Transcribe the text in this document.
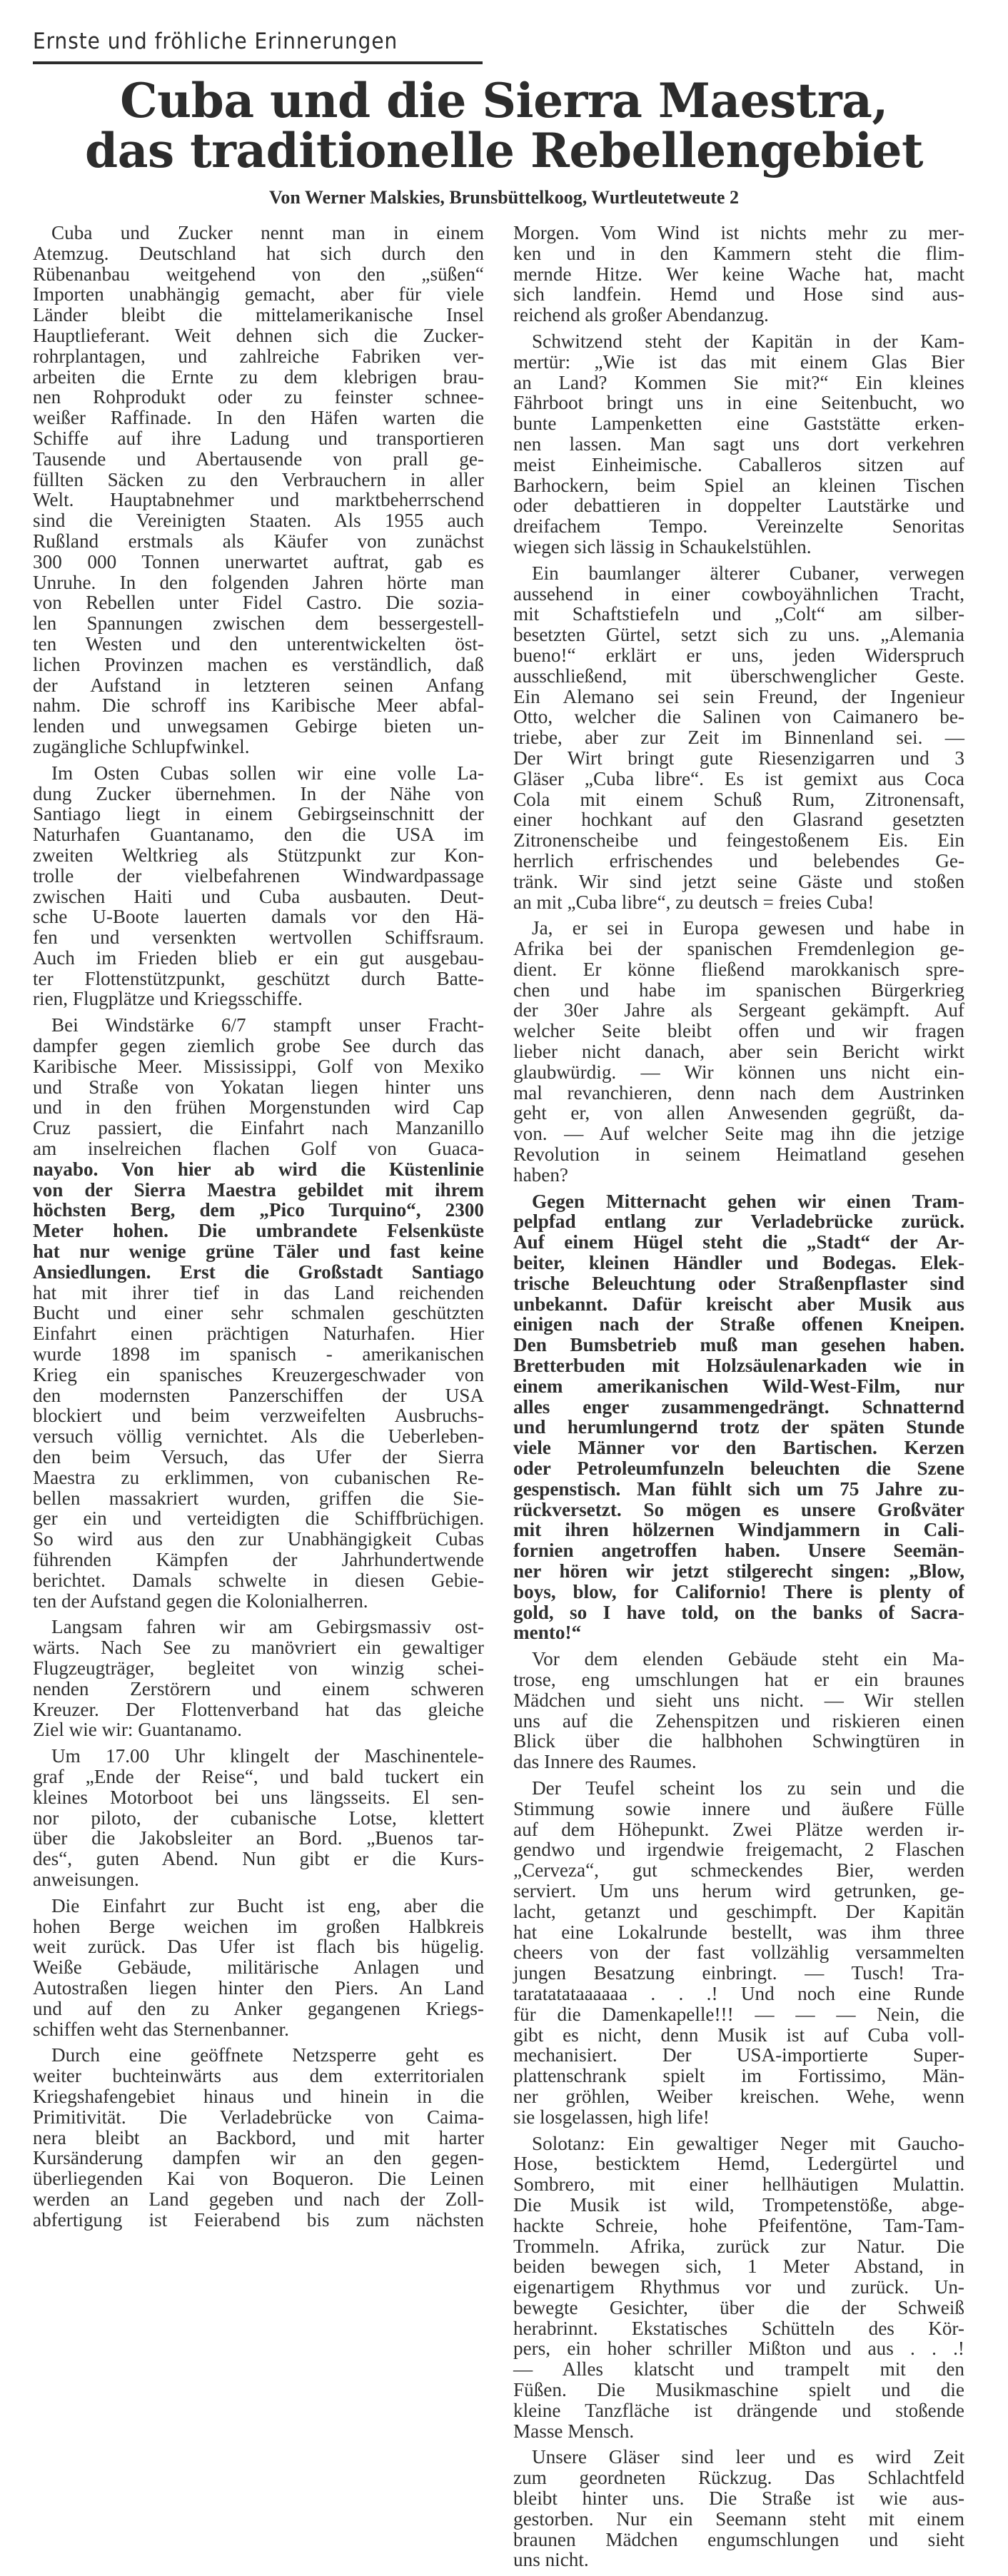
Ernste und fröhliche Erinnerungen
Cuba und die Sierra Maestra,
das traditionelle Rebellengebiet
Von Werner Malskies, Brunsbüttelkoog, Wurtleutetweute 2
Cuba und Zucker nennt man in einem
Atemzug. Deutschland hat sich durch den
Rübenanbau weitgehend von den „süßen“
Importen unabhängig gemacht, aber für viele
Länder bleibt die mittelamerikanische Insel
Hauptlieferant. Weit dehnen sich die Zucker-
rohrplantagen, und zahlreiche Fabriken ver-
arbeiten die Ernte zu dem klebrigen brau-
nen Rohprodukt oder zu feinster schnee-
weißer Raffinade. In den Häfen warten die
Schiffe auf ihre Ladung und transportieren
Tausende und Abertausende von prall ge-
füllten Säcken zu den Verbrauchern in aller
Welt. Hauptabnehmer und marktbeherrschend
sind die Vereinigten Staaten. Als 1955 auch
Rußland erstmals als Käufer von zunächst
300 000 Tonnen unerwartet auftrat, gab es
Unruhe. In den folgenden Jahren hörte man
von Rebellen unter Fidel Castro. Die sozia-
len Spannungen zwischen dem bessergestell-
ten Westen und den unterentwickelten öst-
lichen Provinzen machen es verständlich, daß
der Aufstand in letzteren seinen Anfang
nahm. Die schroff ins Karibische Meer abfal-
lenden und unwegsamen Gebirge bieten un-
zugängliche Schlupfwinkel.
Im Osten Cubas sollen wir eine volle La-
dung Zucker übernehmen. In der Nähe von
Santiago liegt in einem Gebirgseinschnitt der
Naturhafen Guantanamo, den die USA im
zweiten Weltkrieg als Stützpunkt zur Kon-
trolle der vielbefahrenen Windwardpassage
zwischen Haiti und Cuba ausbauten. Deut-
sche U-Boote lauerten damals vor den Hä-
fen und versenkten wertvollen Schiffsraum.
Auch im Frieden blieb er ein gut ausgebau-
ter Flottenstützpunkt, geschützt durch Batte-
rien, Flugplätze und Kriegsschiffe.
Bei Windstärke 6/7 stampft unser Fracht-
dampfer gegen ziemlich grobe See durch das
Karibische Meer. Mississippi, Golf von Mexiko
und Straße von Yokatan liegen hinter uns
und in den frühen Morgenstunden wird Cap
Cruz passiert, die Einfahrt nach Manzanillo
am inselreichen flachen Golf von Guaca-
nayabo. Von hier ab wird die Küstenlinie
von der Sierra Maestra gebildet mit ihrem
höchsten Berg, dem „Pico Turquino“, 2300
Meter hohen. Die umbrandete Felsenküste
hat nur wenige grüne Täler und fast keine
Ansiedlungen. Erst die Großstadt Santiago
hat mit ihrer tief in das Land reichenden
Bucht und einer sehr schmalen geschützten
Einfahrt einen prächtigen Naturhafen. Hier
wurde 1898 im spanisch - amerikanischen
Krieg ein spanisches Kreuzergeschwader von
den modernsten Panzerschiffen der USA
blockiert und beim verzweifelten Ausbruchs-
versuch völlig vernichtet. Als die Ueberleben-
den beim Versuch, das Ufer der Sierra
Maestra zu erklimmen, von cubanischen Re-
bellen massakriert wurden, griffen die Sie-
ger ein und verteidigten die Schiffbrüchigen.
So wird aus den zur Unabhängigkeit Cubas
führenden Kämpfen der Jahrhundertwende
berichtet. Damals schwelte in diesen Gebie-
ten der Aufstand gegen die Kolonialherren.
Langsam fahren wir am Gebirgsmassiv ost-
wärts. Nach See zu manövriert ein gewaltiger
Flugzeugträger, begleitet von winzig schei-
nenden Zerstörern und einem schweren
Kreuzer. Der Flottenverband hat das gleiche
Ziel wie wir: Guantanamo.
Um 17.00 Uhr klingelt der Maschinentele-
graf „Ende der Reise“, und bald tuckert ein
kleines Motorboot bei uns längsseits. El sen-
nor piloto, der cubanische Lotse, klettert
über die Jakobsleiter an Bord. „Buenos tar-
des“, guten Abend. Nun gibt er die Kurs-
anweisungen.
Die Einfahrt zur Bucht ist eng, aber die
hohen Berge weichen im großen Halbkreis
weit zurück. Das Ufer ist flach bis hügelig.
Weiße Gebäude, militärische Anlagen und
Autostraßen liegen hinter den Piers. An Land
und auf den zu Anker gegangenen Kriegs-
schiffen weht das Sternenbanner.
Durch eine geöffnete Netzsperre geht es
weiter buchteinwärts aus dem exterritorialen
Kriegshafengebiet hinaus und hinein in die
Primitivität. Die Verladebrücke von Caima-
nera bleibt an Backbord, und mit harter
Kursänderung dampfen wir an den gegen-
überliegenden Kai von Boqueron. Die Leinen
werden an Land gegeben und nach der Zoll-
abfertigung ist Feierabend bis zum nächsten
Morgen. Vom Wind ist nichts mehr zu mer-
ken und in den Kammern steht die flim-
mernde Hitze. Wer keine Wache hat, macht
sich landfein. Hemd und Hose sind aus-
reichend als großer Abendanzug.
Schwitzend steht der Kapitän in der Kam-
mertür: „Wie ist das mit einem Glas Bier
an Land? Kommen Sie mit?“ Ein kleines
Fährboot bringt uns in eine Seitenbucht, wo
bunte Lampenketten eine Gaststätte erken-
nen lassen. Man sagt uns dort verkehren
meist Einheimische. Caballeros sitzen auf
Barhockern, beim Spiel an kleinen Tischen
oder debattieren in doppelter Lautstärke und
dreifachem Tempo. Vereinzelte Senoritas
wiegen sich lässig in Schaukelstühlen.
Ein baumlanger älterer Cubaner, verwegen
aussehend in einer cowboyähnlichen Tracht,
mit Schaftstiefeln und „Colt“ am silber-
besetzten Gürtel, setzt sich zu uns. „Alemania
bueno!“ erklärt er uns, jeden Widerspruch
ausschließend, mit überschwenglicher Geste.
Ein Alemano sei sein Freund, der Ingenieur
Otto, welcher die Salinen von Caimanero be-
triebe, aber zur Zeit im Binnenland sei. —
Der Wirt bringt gute Riesenzigarren und 3
Gläser „Cuba libre“. Es ist gemixt aus Coca
Cola mit einem Schuß Rum, Zitronensaft,
einer hochkant auf den Glasrand gesetzten
Zitronenscheibe und feingestoßenem Eis. Ein
herrlich erfrischendes und belebendes Ge-
tränk. Wir sind jetzt seine Gäste und stoßen
an mit „Cuba libre“, zu deutsch = freies Cuba!
Ja, er sei in Europa gewesen und habe in
Afrika bei der spanischen Fremdenlegion ge-
dient. Er könne fließend marokkanisch spre-
chen und habe im spanischen Bürgerkrieg
der 30er Jahre als Sergeant gekämpft. Auf
welcher Seite bleibt offen und wir fragen
lieber nicht danach, aber sein Bericht wirkt
glaubwürdig. — Wir können uns nicht ein-
mal revanchieren, denn nach dem Austrinken
geht er, von allen Anwesenden gegrüßt, da-
von. — Auf welcher Seite mag ihn die jetzige
Revolution in seinem Heimatland gesehen
haben?
Gegen Mitternacht gehen wir einen Tram-
pelpfad entlang zur Verladebrücke zurück.
Auf einem Hügel steht die „Stadt“ der Ar-
beiter, kleinen Händler und Bodegas. Elek-
trische Beleuchtung oder Straßenpflaster sind
unbekannt. Dafür kreischt aber Musik aus
einigen nach der Straße offenen Kneipen.
Den Bumsbetrieb muß man gesehen haben.
Bretterbuden mit Holzsäulenarkaden wie in
einem amerikanischen Wild-West-Film, nur
alles enger zusammengedrängt. Schnatternd
und herumlungernd trotz der späten Stunde
viele Männer vor den Bartischen. Kerzen
oder Petroleumfunzeln beleuchten die Szene
gespenstisch. Man fühlt sich um 75 Jahre zu-
rückversetzt. So mögen es unsere Großväter
mit ihren hölzernen Windjammern in Cali-
fornien angetroffen haben. Unsere Seemän-
ner hören wir jetzt stilgerecht singen: „Blow,
boys, blow, for Californio! There is plenty of
gold, so I have told, on the banks of Sacra-
mento!“
Vor dem elenden Gebäude steht ein Ma-
trose, eng umschlungen hat er ein braunes
Mädchen und sieht uns nicht. — Wir stellen
uns auf die Zehenspitzen und riskieren einen
Blick über die halbhohen Schwingtüren in
das Innere des Raumes.
Der Teufel scheint los zu sein und die
Stimmung sowie innere und äußere Fülle
auf dem Höhepunkt. Zwei Plätze werden ir-
gendwo und irgendwie freigemacht, 2 Flaschen
„Cerveza“, gut schmeckendes Bier, werden
serviert. Um uns herum wird getrunken, ge-
lacht, getanzt und geschimpft. Der Kapitän
hat eine Lokalrunde bestellt, was ihm three
cheers von der fast vollzählig versammelten
jungen Besatzung einbringt. — Tusch! Tra-
taratatataaaaaa . . .! Und noch eine Runde
für die Damenkapelle!!! — — — Nein, die
gibt es nicht, denn Musik ist auf Cuba voll-
mechanisiert. Der USA-importierte Super-
plattenschrank spielt im Fortissimo, Män-
ner gröhlen, Weiber kreischen. Wehe, wenn
sie losgelassen, high life!
Solotanz: Ein gewaltiger Neger mit Gaucho-
Hose, besticktem Hemd, Ledergürtel und
Sombrero, mit einer hellhäutigen Mulattin.
Die Musik ist wild, Trompetenstöße, abge-
hackte Schreie, hohe Pfeifentöne, Tam-Tam-
Trommeln. Afrika, zurück zur Natur. Die
beiden bewegen sich, 1 Meter Abstand, in
eigenartigem Rhythmus vor und zurück. Un-
bewegte Gesichter, über die der Schweiß
herabrinnt. Ekstatisches Schütteln des Kör-
pers, ein hoher schriller Mißton und aus . . .!
— Alles klatscht und trampelt mit den
Füßen. Die Musikmaschine spielt und die
kleine Tanzfläche ist drängende und stoßende
Masse Mensch.
Unsere Gläser sind leer und es wird Zeit
zum geordneten Rückzug. Das Schlachtfeld
bleibt hinter uns. Die Straße ist wie aus-
gestorben. Nur ein Seemann steht mit einem
braunen Mädchen engumschlungen und sieht
uns nicht.
